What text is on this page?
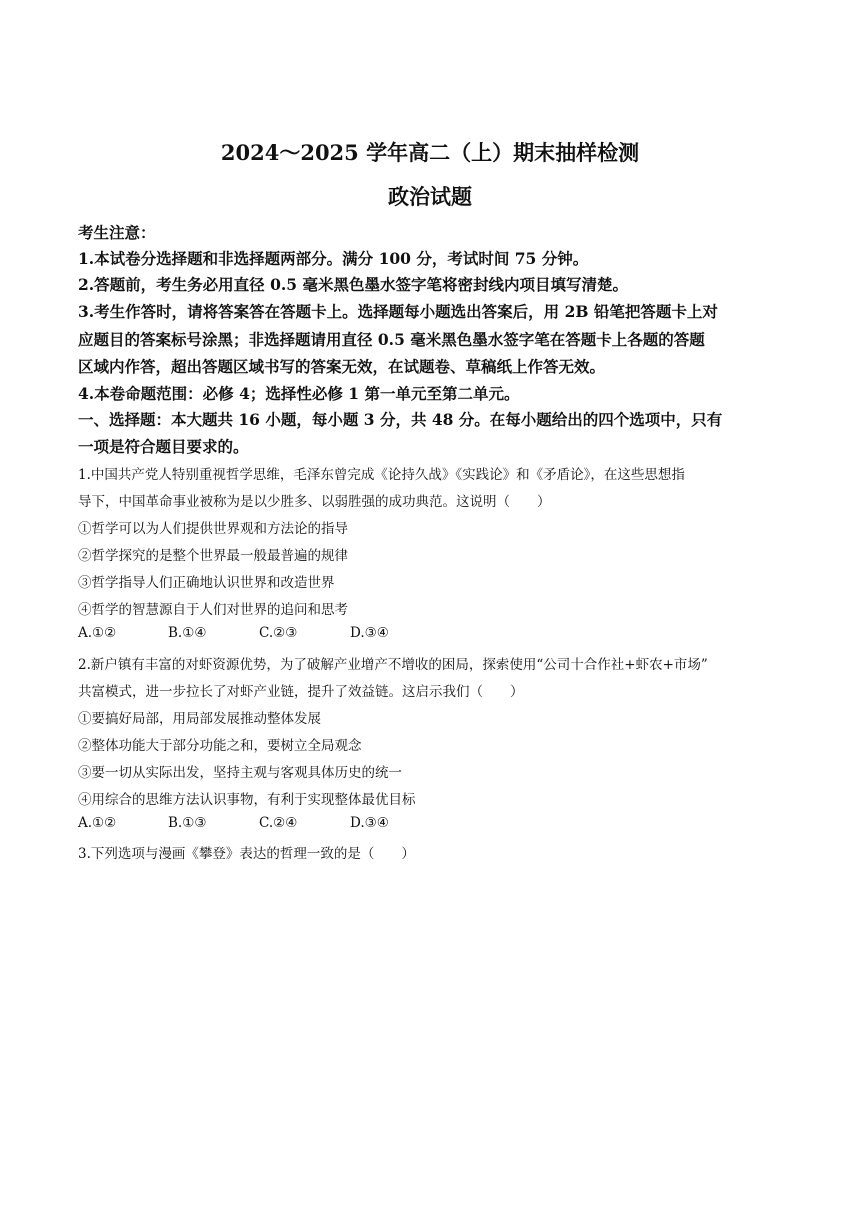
2024～2025 学年高二（上）期末抽样检测
政治试题
考生注意：
1.本试卷分选择题和非选择题两部分。满分 100 分，考试时间 75 分钟。
2.答题前，考生务必用直径 0.5 毫米黑色墨水签字笔将密封线内项目填写清楚。
3.考生作答时，请将答案答在答题卡上。选择题每小题选出答案后，用 2B 铅笔把答题卡上对
应题目的答案标号涂黑；非选择题请用直径 0.5 毫米黑色墨水签字笔在答题卡上各题的答题
区域内作答，超出答题区域书写的答案无效，在试题卷、草稿纸上作答无效。
4.本卷命题范围：必修 4；选择性必修 1 第一单元至第二单元。
一、选择题：本大题共 16 小题，每小题 3 分，共 48 分。在每小题给出的四个选项中，只有
一项是符合题目要求的。
1.中国共产党人特别重视哲学思维，毛泽东曾完成《论持久战》《实践论》和《矛盾论》，在这些思想指
导下，中国革命事业被称为是以少胜多、以弱胜强的成功典范。这说明（　　）
①哲学可以为人们提供世界观和方法论的指导
②哲学探究的是整个世界最一般最普遍的规律
③哲学指导人们正确地认识世界和改造世界
④哲学的智慧源自于人们对世界的追问和思考
A.①②	B.①④	C.②③	D.③④
2.新户镇有丰富的对虾资源优势，为了破解产业增产不增收的困局，探索使用“公司十合作社+虾农+市场”
共富模式，进一步拉长了对虾产业链，提升了效益链。这启示我们（　　）
①要搞好局部，用局部发展推动整体发展
②整体功能大于部分功能之和，要树立全局观念
③要一切从实际出发，坚持主观与客观具体历史的统一
④用综合的思维方法认识事物，有利于实现整体最优目标
A.①②	B.①③	C.②④	D.③④
3.下列选项与漫画《攀登》表达的哲理一致的是（　　）
